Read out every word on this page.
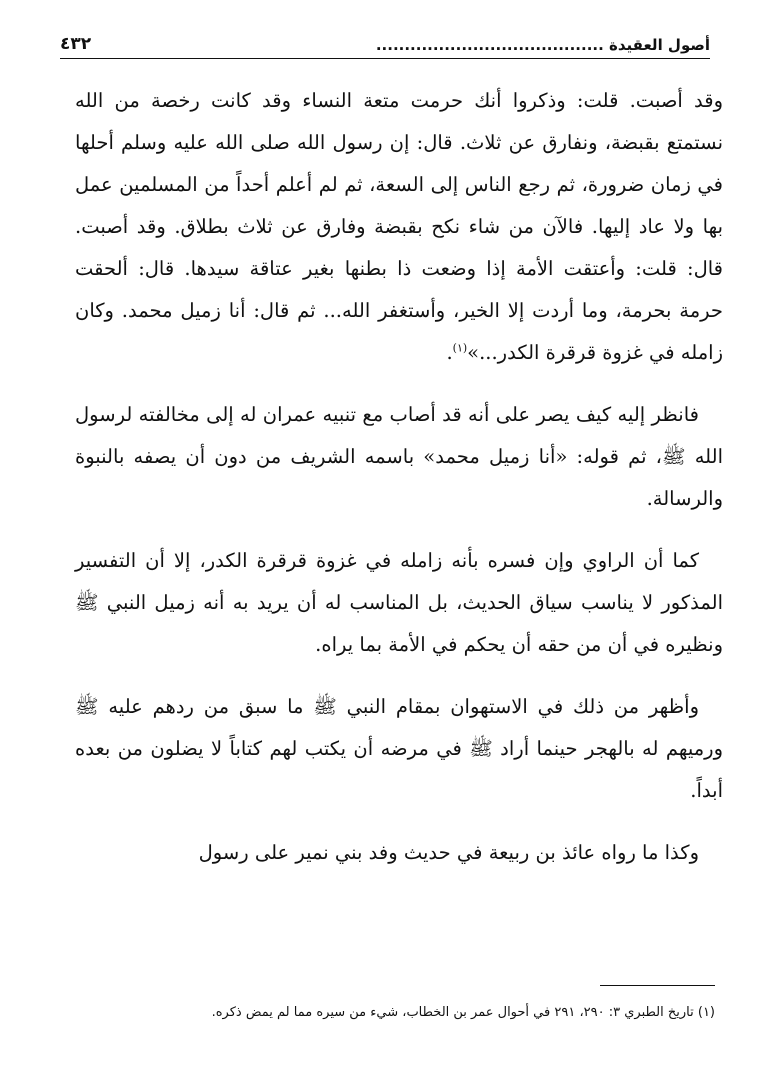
٤٣٢	أصول العقيدة ........................................

وقد أصبت. قلت: وذكروا أنك حرمت متعة النساء وقد كانت رخصة من الله نستمتع بقبضة، ونفارق عن ثلاث. قال: إن رسول الله صلى الله عليه وسلم أحلها في زمان ضرورة، ثم رجع الناس إلى السعة، ثم لم أعلم أحداً من المسلمين عمل بها ولا عاد إليها. فالآن من شاء نكح بقبضة وفارق عن ثلاث بطلاق. وقد أصبت. قال: قلت: وأعتقت الأمة إذا وضعت ذا بطنها بغير عتاقة سيدها. قال: ألحقت حرمة بحرمة، وما أردت إلا الخير، وأستغفر الله... ثم قال: أنا زميل محمد. وكان زامله في غزوة قرقرة الكدر...»$^{(١)}$.

فانظر إليه كيف يصر على أنه قد أصاب مع تنبيه عمران له إلى مخالفته لرسول الله ﷺ، ثم قوله: «أنا زميل محمد» باسمه الشريف من دون أن يصفه بالنبوة والرسالة.

كما أن الراوي وإن فسره بأنه زامله في غزوة قرقرة الكدر، إلا أن التفسير المذكور لا يناسب سياق الحديث، بل المناسب له أن يريد به أنه زميل النبي ﷺ ونظيره في أن من حقه أن يحكم في الأمة بما يراه.

وأظهر من ذلك في الاستهوان بمقام النبي ﷺ ما سبق من ردهم عليه ﷺ ورميهم له بالهجر حينما أراد ﷺ في مرضه أن يكتب لهم كتاباً لا يضلون من بعده أبداً.

وكذا ما رواه عائذ بن ربيعة في حديث وفد بني نمير على رسول

(١) تاريخ الطبري ٣: ٢٩٠، ٢٩١ في أحوال عمر بن الخطاب، شيء من سيره مما لم يمض ذكره.
